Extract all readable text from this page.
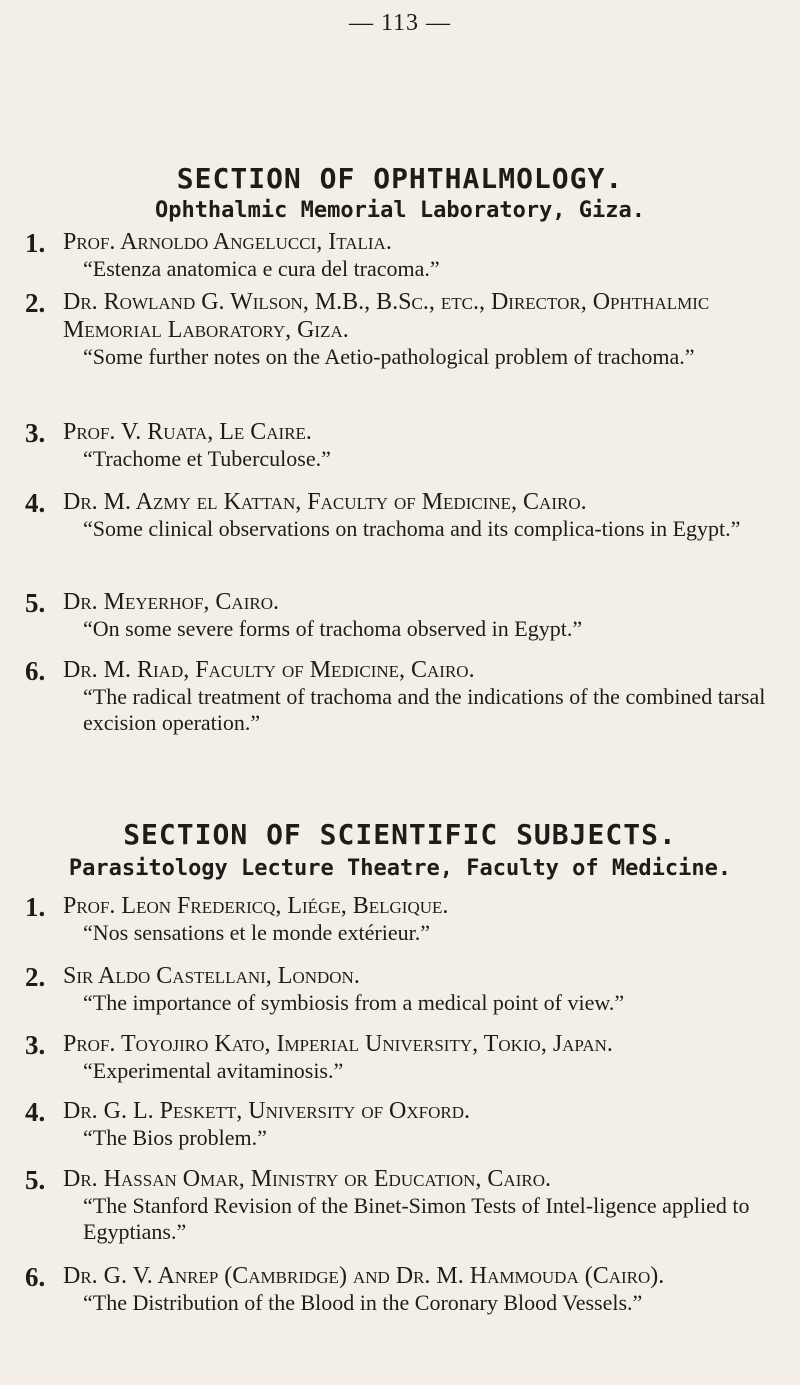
— 113 —
SECTION OF OPHTHALMOLOGY.
Ophthalmic Memorial Laboratory, Giza.
1. Prof. Arnoldo Angelucci, Italia.
“Estenza anatomica e cura del tracoma.”
2. Dr. Rowland G. Wilson, M.B., B.Sc., etc., Director, Ophthalmic Memorial Laboratory, Giza.
“Some further notes on the Aetio-pathological problem of trachoma.”
3. Prof. V. Ruata, Le Caire.
“Trachome et Tuberculose.”
4. Dr. M. Azmy el Kattan, Faculty of Medicine, Cairo.
“Some clinical observations on trachoma and its complica-tions in Egypt.”
5. Dr. Meyerhof, Cairo.
“On some severe forms of trachoma observed in Egypt.”
6. Dr. M. Riad, Faculty of Medicine, Cairo.
“The radical treatment of trachoma and the indications of the combined tarsal excision operation.”
SECTION OF SCIENTIFIC SUBJECTS.
Parasitology Lecture Theatre, Faculty of Medicine.
1. Prof. Leon Fredericq, Liége, Belgique.
“Nos sensations et le monde extérieur.”
2. Sir Aldo Castellani, London.
“The importance of symbiosis from a medical point of view.”
3. Prof. Toyojiro Kato, Imperial University, Tokio, Japan.
“Experimental avitaminosis.”
4. Dr. G. L. Peskett, University of Oxford.
“The Bios problem.”
5. Dr. Hassan Omar, Ministry or Education, Cairo.
“The Stanford Revision of the Binet-Simon Tests of Intel-ligence applied to Egyptians.”
6. Dr. G. V. Anrep (Cambridge) and Dr. M. Hammouda (Cairo).
“The Distribution of the Blood in the Coronary Blood Vessels.”
